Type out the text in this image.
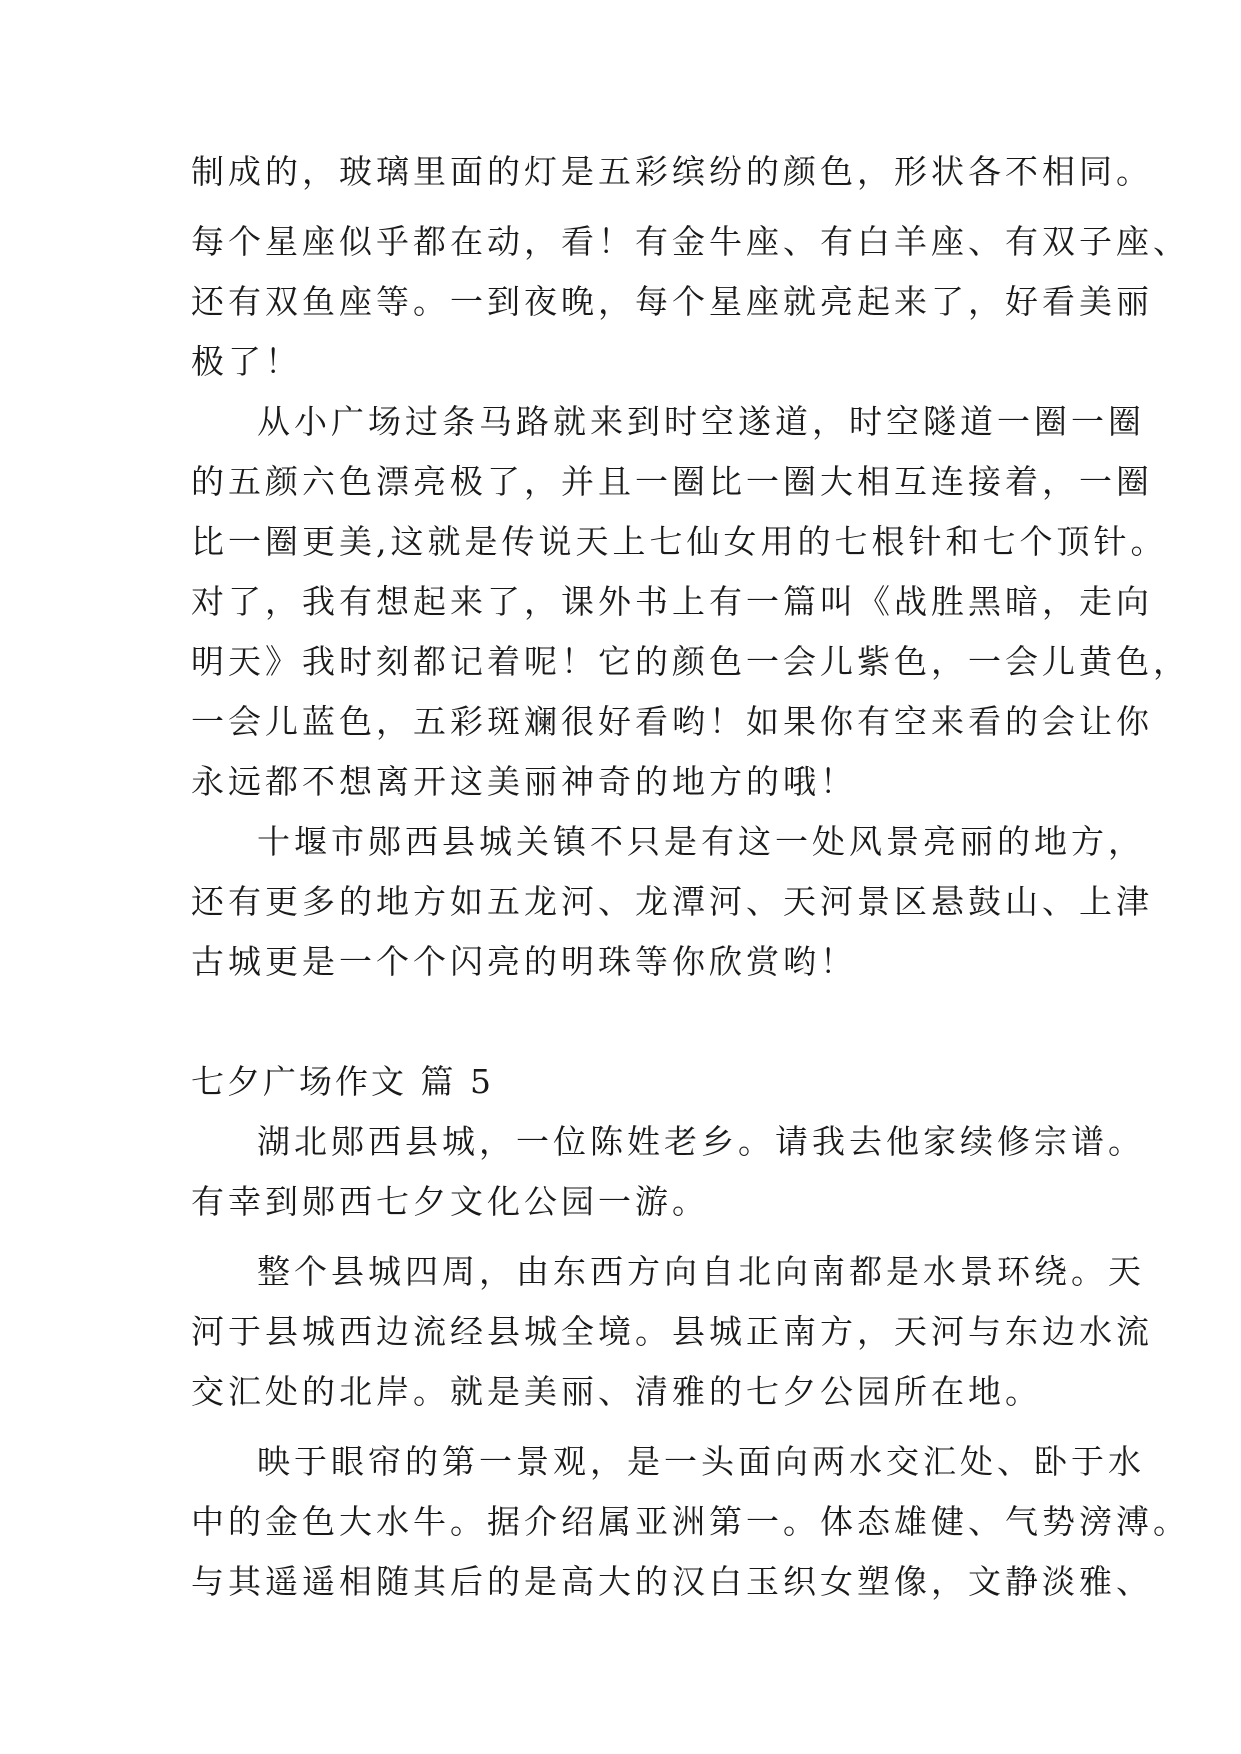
制成的，玻璃里面的灯是五彩缤纷的颜色，形状各不相同。
每个星座似乎都在动，看！有金牛座、有白羊座、有双子座、
还有双鱼座等。一到夜晚，每个星座就亮起来了，好看美丽
极了！
从小广场过条马路就来到时空遂道，时空隧道一圈一圈
的五颜六色漂亮极了，并且一圈比一圈大相互连接着，一圈
比一圈更美,这就是传说天上七仙女用的七根针和七个顶针。
对了，我有想起来了，课外书上有一篇叫《战胜黑暗，走向
明天》我时刻都记着呢！它的颜色一会儿紫色，一会儿黄色，
一会儿蓝色，五彩斑斓很好看哟！如果你有空来看的会让你
永远都不想离开这美丽神奇的地方的哦！
十堰市郧西县城关镇不只是有这一处风景亮丽的地方，
还有更多的地方如五龙河、龙潭河、天河景区悬鼓山、上津
古城更是一个个闪亮的明珠等你欣赏哟！
七夕广场作文 篇 5
湖北郧西县城，一位陈姓老乡。请我去他家续修宗谱。
有幸到郧西七夕文化公园一游。
整个县城四周，由东西方向自北向南都是水景环绕。天
河于县城西边流经县城全境。县城正南方，天河与东边水流
交汇处的北岸。就是美丽、清雅的七夕公园所在地。
映于眼帘的第一景观，是一头面向两水交汇处、卧于水
中的金色大水牛。据介绍属亚洲第一。体态雄健、气势滂溥。
与其遥遥相随其后的是高大的汉白玉织女塑像，文静淡雅、
